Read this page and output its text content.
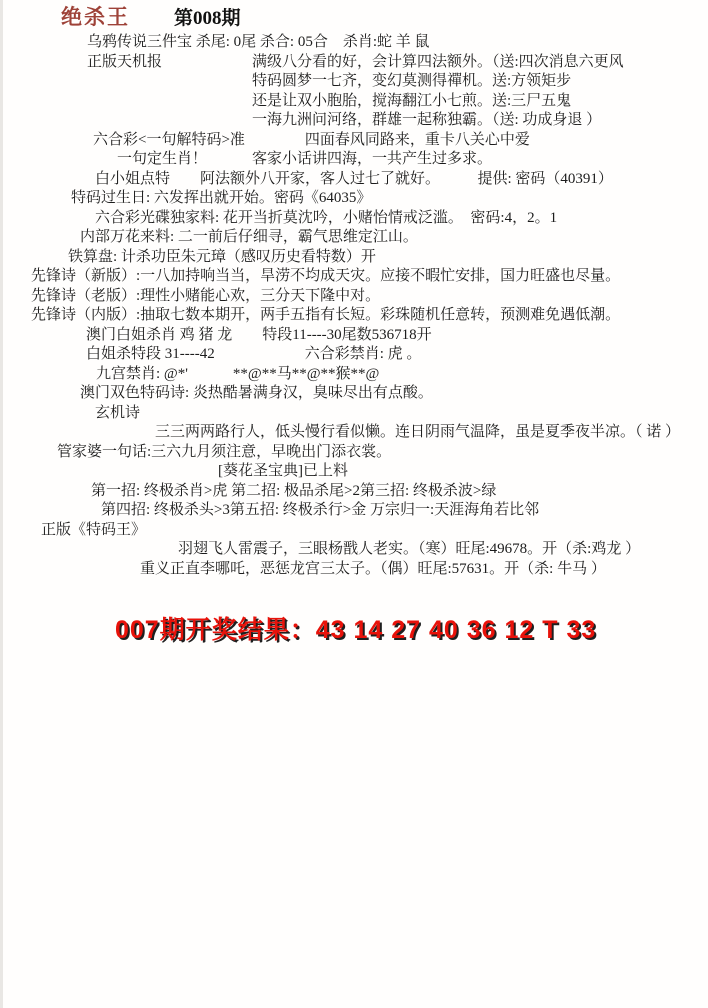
绝杀王 第008期
乌鸦传说三件宝 杀尾: 0尾 杀合: 05合　杀肖:蛇 羊 鼠
正版天机报　　　　　　满级八分看的好，会计算四法额外。（送:四次消息六更风
　　　　　　　　　　　特码圆梦一七齐，变幻莫测得禪机。送:方领矩步
　　　　　　　　　　　还是让双小胞胎，搅海翻江小七煎。送:三尸五鬼
　　　　　　　　　　　一海九洲问河络，群雄一起称独霸。（送: 功成身退 ）
六合彩<一句解特码>准　　　　四面春风同路来，重卡八关心中爱
　　一句定生肖！　　　客家小话讲四海，一共产生过多求。
　　白小姐点特　　阿法额外八开家，客人过七了就好。　　　提供: 密码（40391）
特码过生日: 六发挥出就开始。密码《64035》
　　六合彩光碟独家料: 花开当折莫沈吟，小赌怡情戒泛滥。　密码:4，2。1
　内部万花来料: 二一前后仔细寻，霸气思维定江山。
　铁算盘: 计杀功臣朱元璋（感叹历史看特数）开
先锋诗（新版）:一八加持响当当，旱涝不均成天灾。应接不暇忙安排，国力旺盛也尽量。
先锋诗（老版）:理性小赌能心欢，三分天下隆中对。
先锋诗（内版）:抽取七数本期开，两手五指有长短。彩珠随机任意转，预测难免遇低潮。
　澳门白姐杀肖 鸡 猪 龙　　特段11----30尾数536718开
　白姐杀特段 31----42　　　　　　六合彩禁肖: 虎 。
　九宫禁肖: @*'　　　**@**马**@**猴**@
　澳门双色特码诗: 炎热酷暑满身汉，臭味尽出有点酸。
　　玄机诗
　　　　　　三三两两路行人，低头慢行看似懒。连日阴雨气温降，虽是夏季夜半凉。（ 诺 ）
管家婆一句话:三六九月须注意，早晚出门添衣裳。
　　　　　　　　　[葵花圣宝典]已上料
　　第一招: 终极杀肖>虎 第二招: 极品杀尾>2第三招: 终极杀波>绿
　　第四招: 终极杀头>3第五招: 终极杀行>金 万宗归一:天涯海角若比邻
正版《特码王》
　　　　　　　羽翅飞人雷震子，三眼杨戬人老实。（寒）旺尾:49678。开（杀:鸡龙 ）
　　　　　重义正直李哪吒，恶惩龙宫三太子。（偶）旺尾:57631。开（杀: 牛马 ）
007期开奖结果：43 14 27 40 36 12 T 33
